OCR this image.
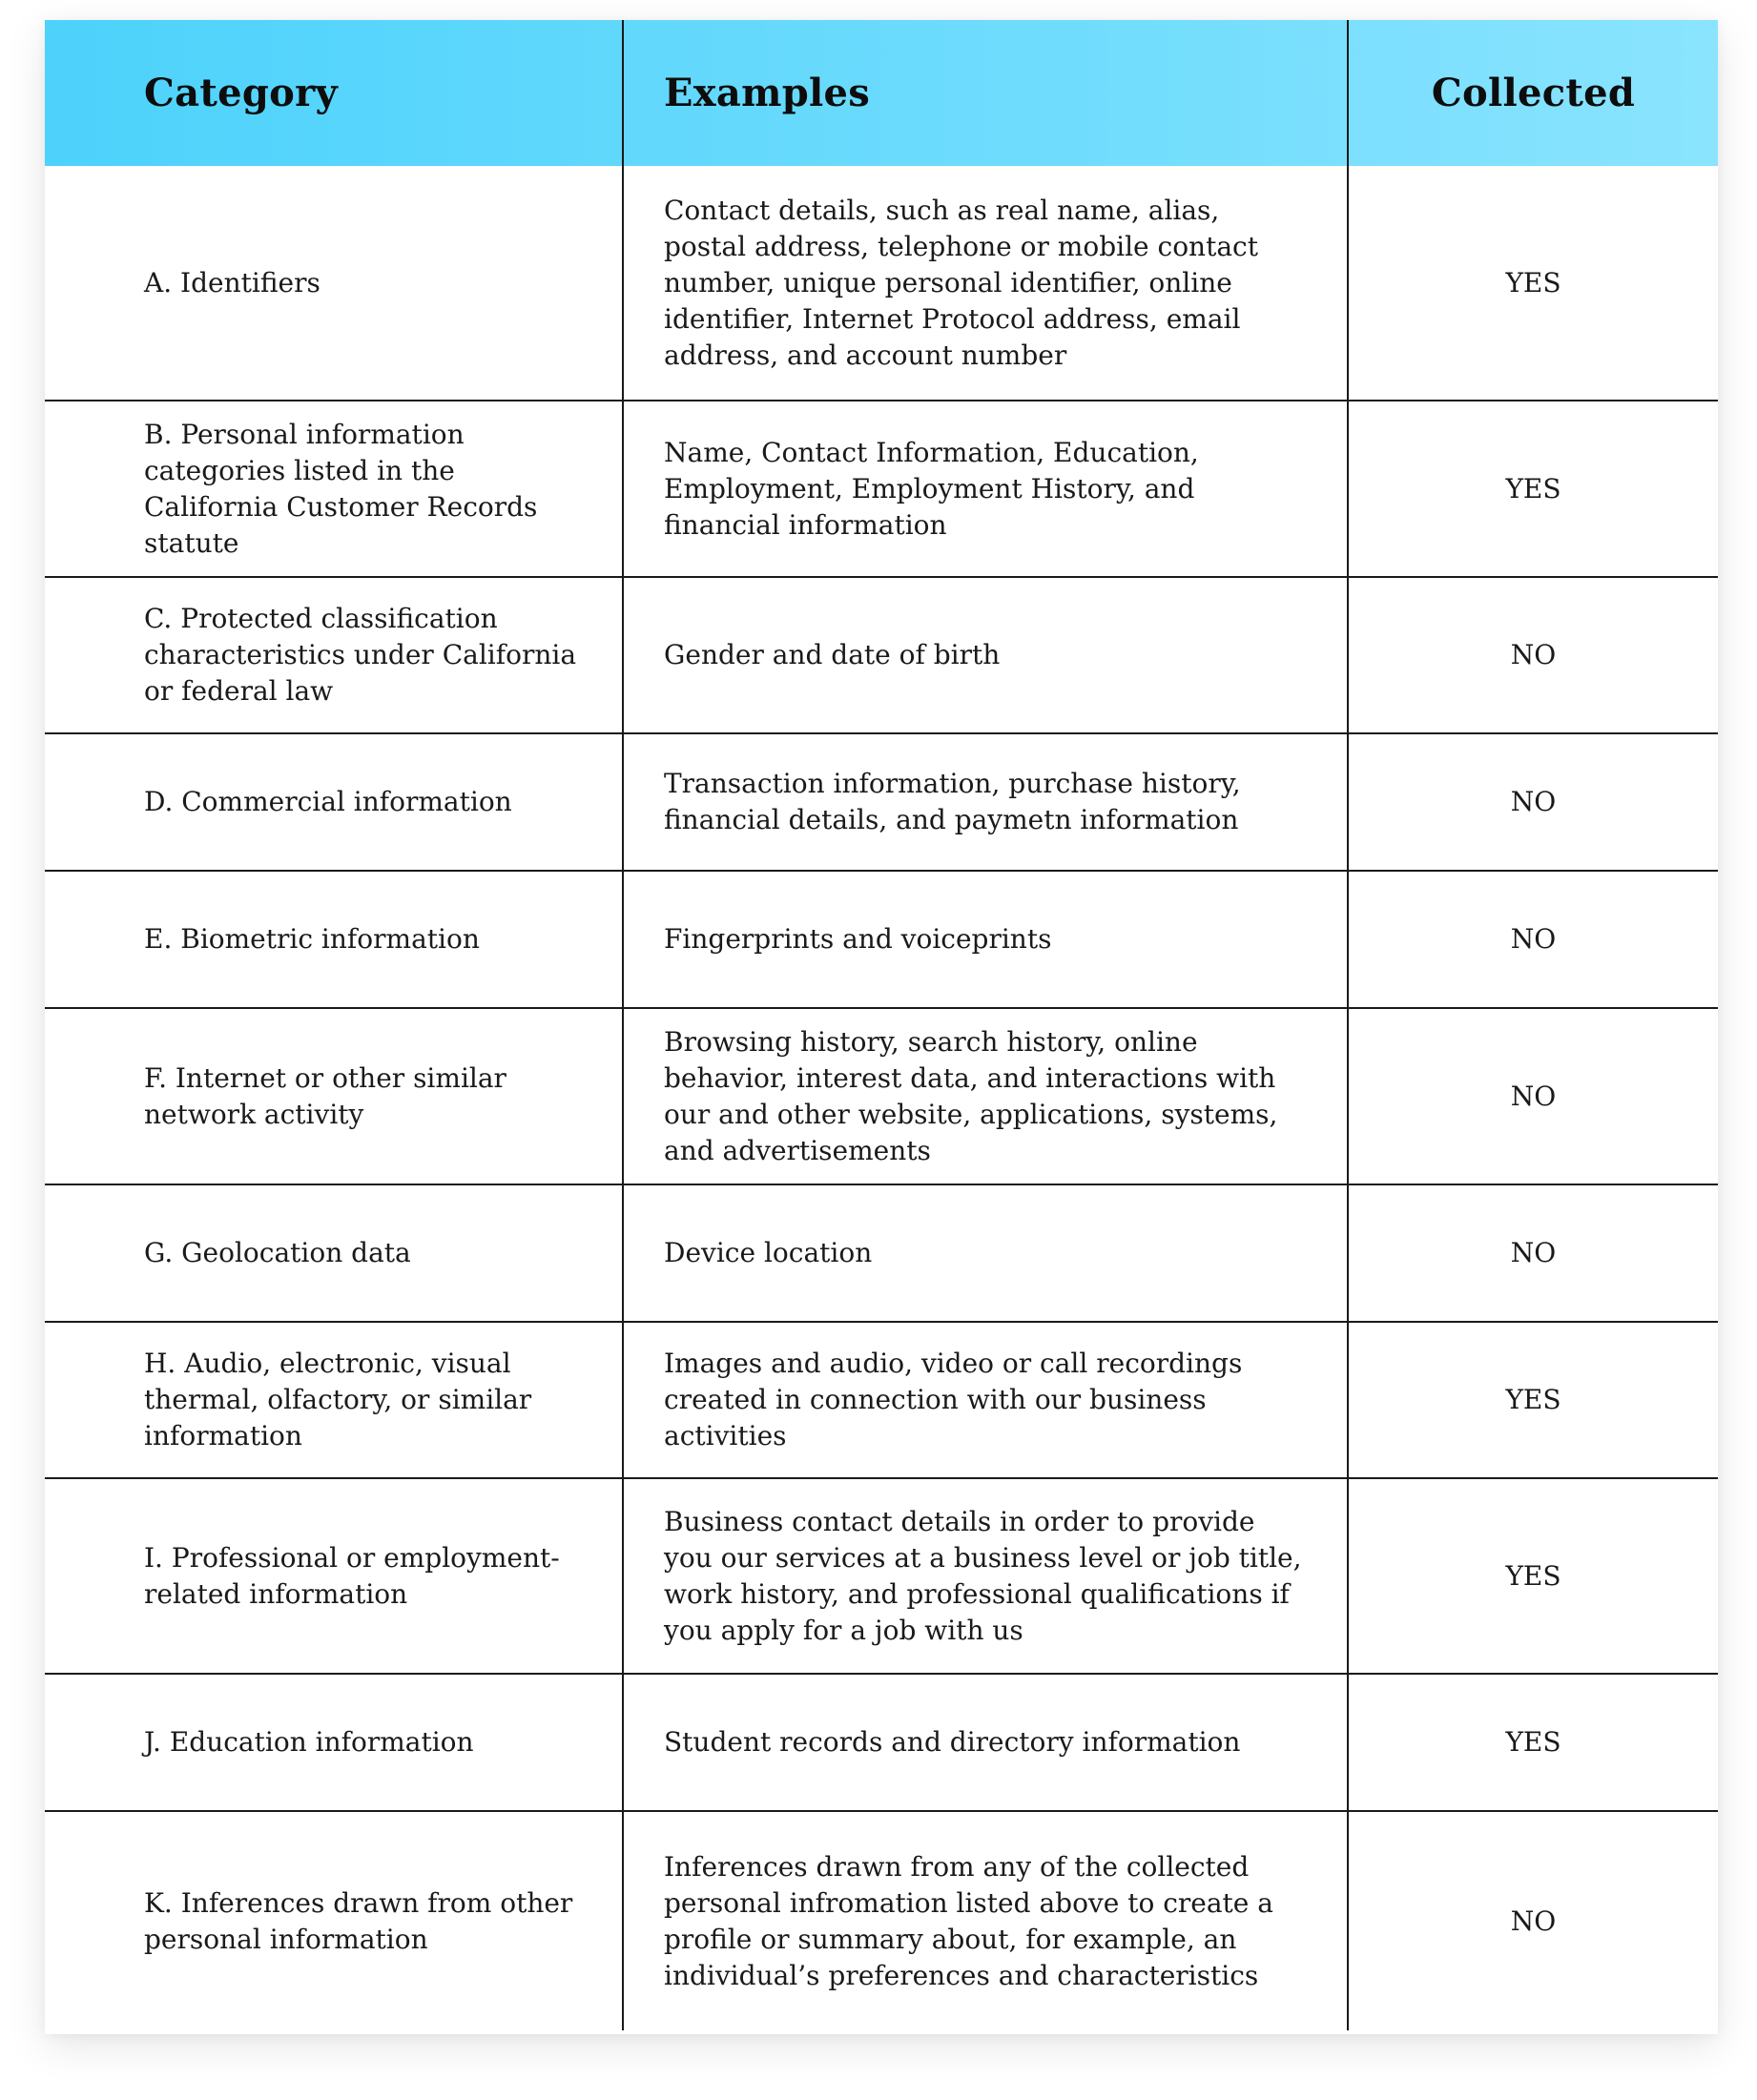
Category	Examples	Collected
A. Identifiers	Contact details, such as real name, alias, postal address, telephone or mobile contact number, unique personal identifier, online identifier, Internet Protocol address, email address, and account number	YES
B. Personal information categories listed in the California Customer Records statute	Name, Contact Information, Education, Employment, Employment History, and financial information	YES
C. Protected classification characteristics under California or federal law	Gender and date of birth	NO
D. Commercial information	Transaction information, purchase history, financial details, and paymetn information	NO
E. Biometric information	Fingerprints and voiceprints	NO
F. Internet or other similar network activity	Browsing history, search history, online behavior, interest data, and interactions with our and other website, applications, systems, and advertisements	NO
G. Geolocation data	Device location	NO
H. Audio, electronic, visual thermal, olfactory, or similar information	Images and audio, video or call recordings created in connection with our business activities	YES
I. Professional or employment-related information	Business contact details in order to provide you our services at a business level or job title, work history, and professional qualifications if you apply for a job with us	YES
J. Education information	Student records and directory information	YES
K. Inferences drawn from other personal information	Inferences drawn from any of the collected personal infromation listed above to create a profile or summary about, for example, an individual’s preferences and characteristics	NO
